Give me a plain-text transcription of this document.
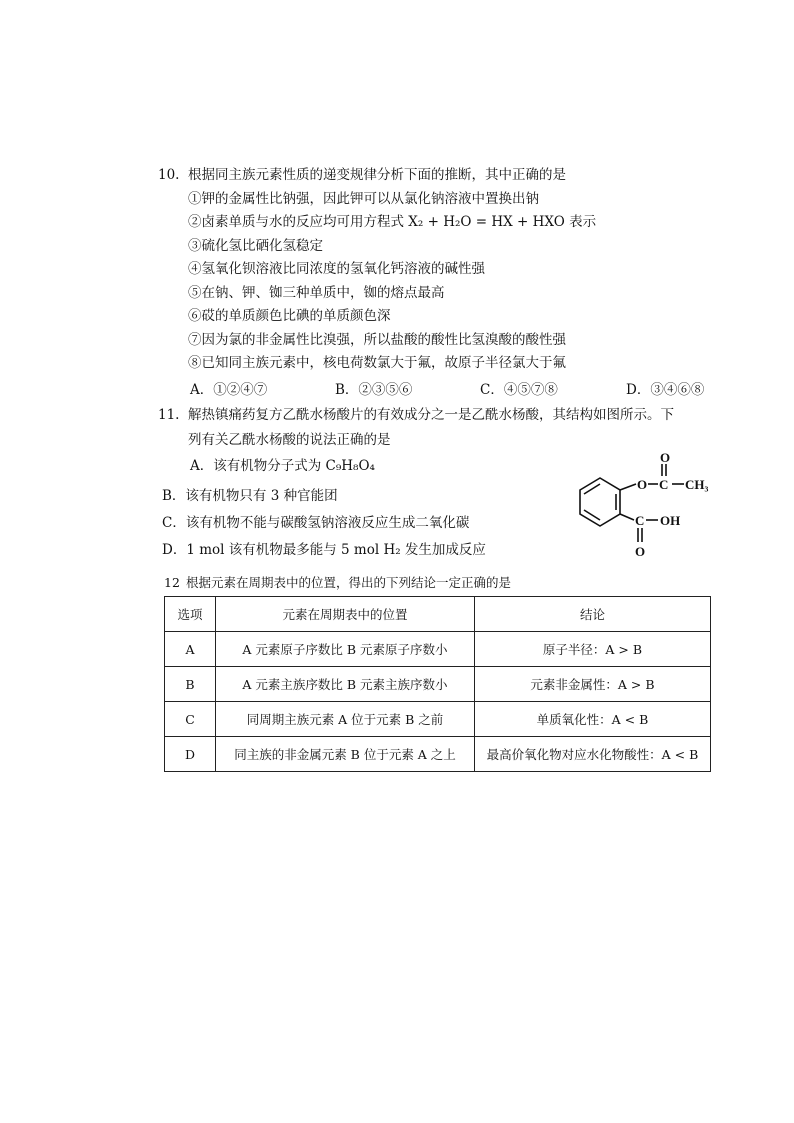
10. 根据同主族元素性质的递变规律分析下面的推断，其中正确的是
①钾的金属性比钠强，因此钾可以从氯化钠溶液中置换出钠
②卤素单质与水的反应均可用方程式 X₂ + H₂O = HX + HXO 表示
③硫化氢比硒化氢稳定
④氢氧化钡溶液比同浓度的氢氧化钙溶液的碱性强
⑤在钠、钾、铷三种单质中，铷的熔点最高
⑥砹的单质颜色比碘的单质颜色深
⑦因为氯的非金属性比溴强，所以盐酸的酸性比氢溴酸的酸性强
⑧已知同主族元素中，核电荷数氯大于氟，故原子半径氯大于氟
A．①②④⑦	B．②③⑤⑥	C．④⑤⑦⑧	D．③④⑥⑧
11. 解热镇痛药复方乙酰水杨酸片的有效成分之一是乙酰水杨酸，其结构如图所示。下
列有关乙酰水杨酸的说法正确的是
A．该有机物分子式为 C₉H₈O₄
B．该有机物只有 3 种官能团
C．该有机物不能与碳酸氢钠溶液反应生成二氧化碳
D．1 mol 该有机物最多能与 5 mol H₂ 发生加成反应
O
O
C CH₃
C OH
O
12 根据元素在周期表中的位置，得出的下列结论一定正确的是
选项	元素在周期表中的位置	结论
A	A 元素原子序数比 B 元素原子序数小	原子半径：A > B
B	A 元素主族序数比 B 元素主族序数小	元素非金属性：A > B
C	同周期主族元素 A 位于元素 B 之前	单质氧化性：A < B
D	同主族的非金属元素 B 位于元素 A 之上	最高价氧化物对应水化物酸性：A < B
